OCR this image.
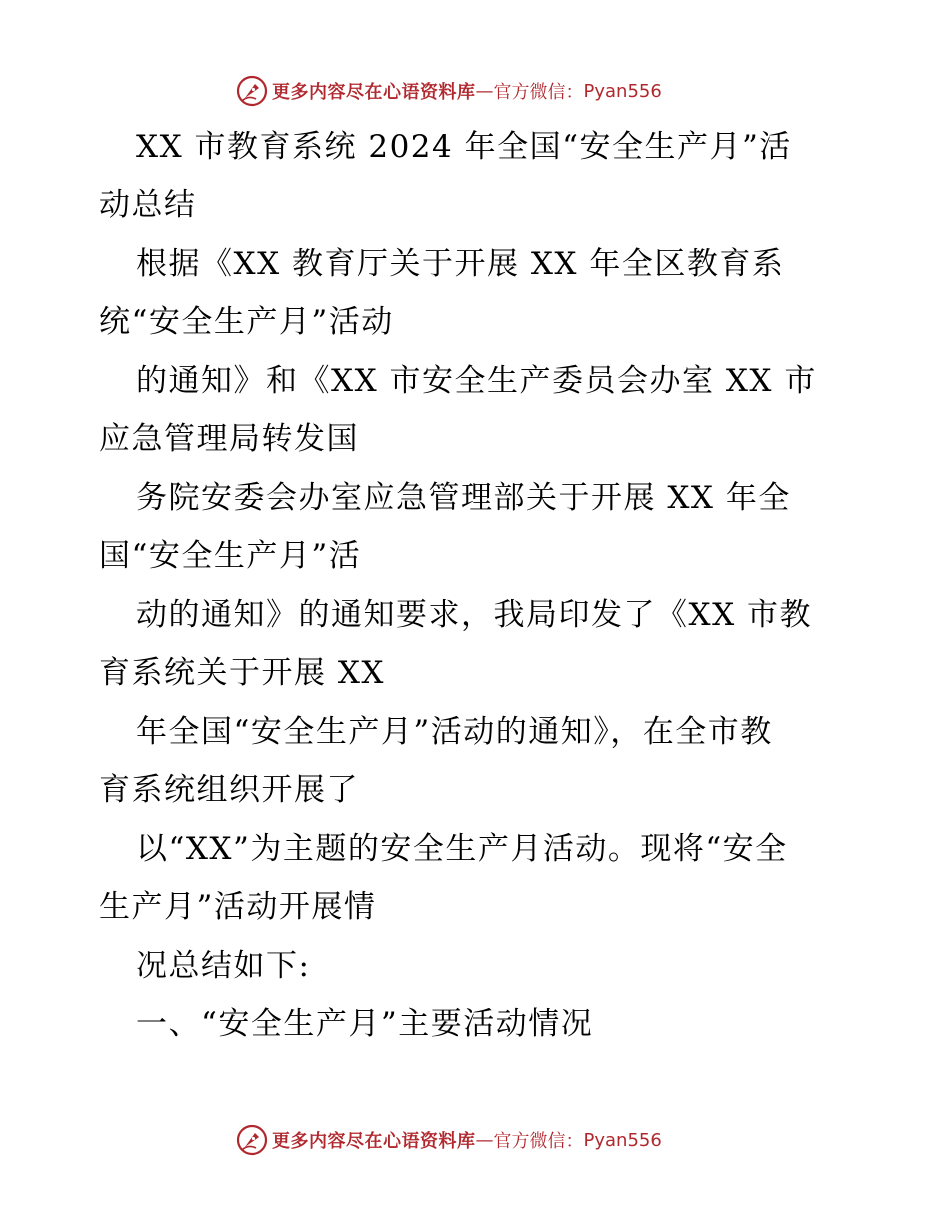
更多内容尽在心语资料库 — 官方微信： Pyan556
XX 市教育系统 2024 年全国“安全生产月”活
动总结
根据《XX 教育厅关于开展 XX 年全区教育系
统“安全生产月”活动
的通知》和《XX 市安全生产委员会办室 XX 市
应急管理局转发国
务院安委会办室应急管理部关于开展 XX 年全
国“安全生产月”活
动的通知》的通知要求，我局印发了《XX 市教
育系统关于开展 XX
年全国“安全生产月”活动的通知》，在全市教
育系统组织开展了
以“XX”为主题的安全生产月活动。现将“安全
生产月”活动开展情
况总结如下:
一、“安全生产月”主要活动情况
更多内容尽在心语资料库 — 官方微信： Pyan556
